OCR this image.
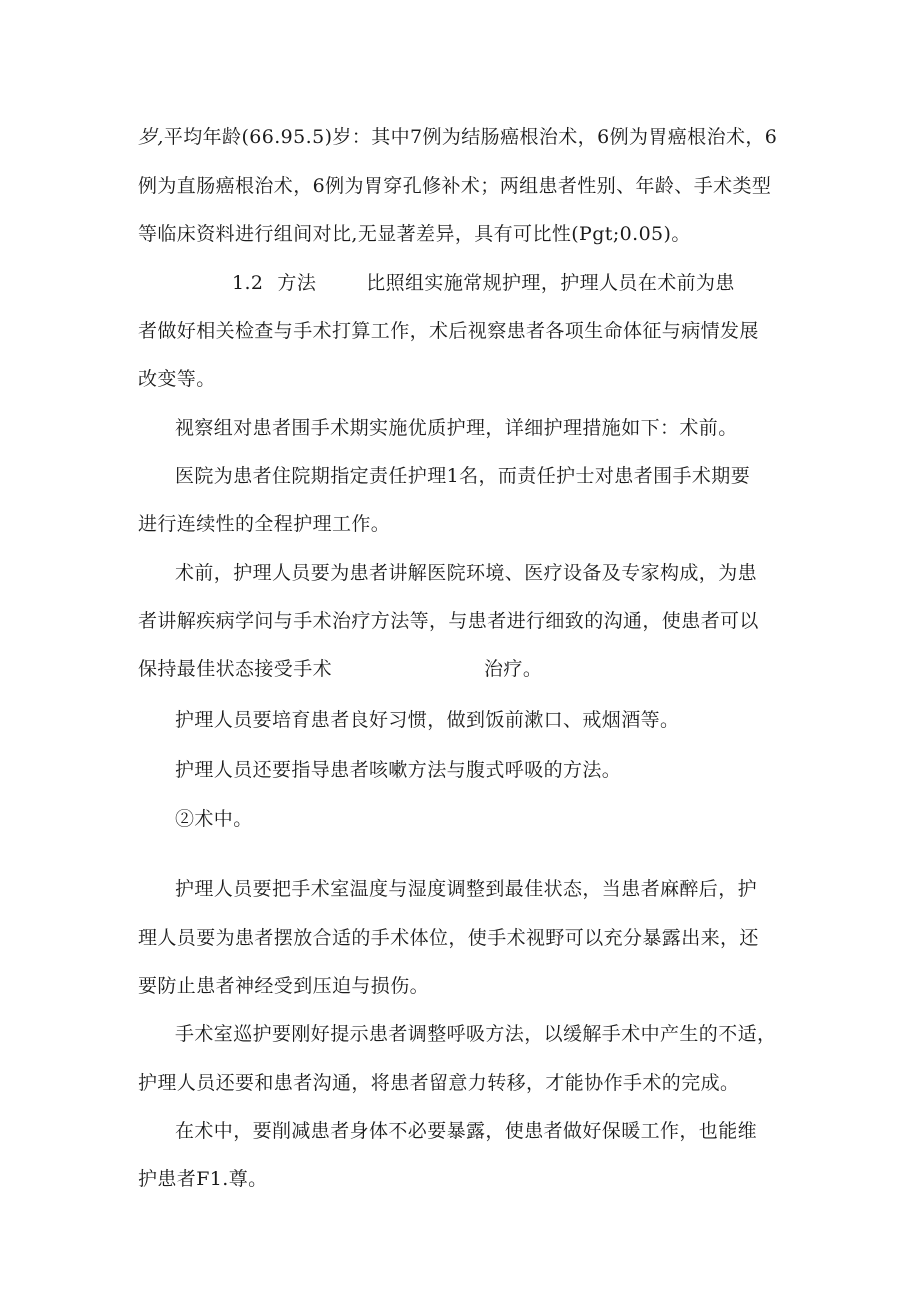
岁,平均年龄(66.95.5)岁：其中7例为结肠癌根治术，6例为胃癌根治术，6
例为直肠癌根治术，6例为胃穿孔修补术；两组患者性别、年龄、手术类型
等临床资料进行组间对比,无显著差异，具有可比性(Pgt;0.05)。
1.2 方法	比照组实施常规护理，护理人员在术前为患
者做好相关检查与手术打算工作，术后视察患者各项生命体征与病情发展
改变等。
视察组对患者围手术期实施优质护理，详细护理措施如下：术前。
医院为患者住院期指定责任护理1名，而责任护士对患者围手术期要
进行连续性的全程护理工作。
术前，护理人员要为患者讲解医院环境、医疗设备及专家构成，为患
者讲解疾病学问与手术治疗方法等，与患者进行细致的沟通，使患者可以
保持最佳状态接受手术	治疗。
护理人员要培育患者良好习惯，做到饭前漱口、戒烟酒等。
护理人员还要指导患者咳嗽方法与腹式呼吸的方法。
②术中。
护理人员要把手术室温度与湿度调整到最佳状态，当患者麻醉后，护
理人员要为患者摆放合适的手术体位，使手术视野可以充分暴露出来，还
要防止患者神经受到压迫与损伤。
手术室巡护要刚好提示患者调整呼吸方法，以缓解手术中产生的不适，
护理人员还要和患者沟通，将患者留意力转移，才能协作手术的完成。
在术中，要削减患者身体不必要暴露，使患者做好保暖工作，也能维
护患者F1.尊。
